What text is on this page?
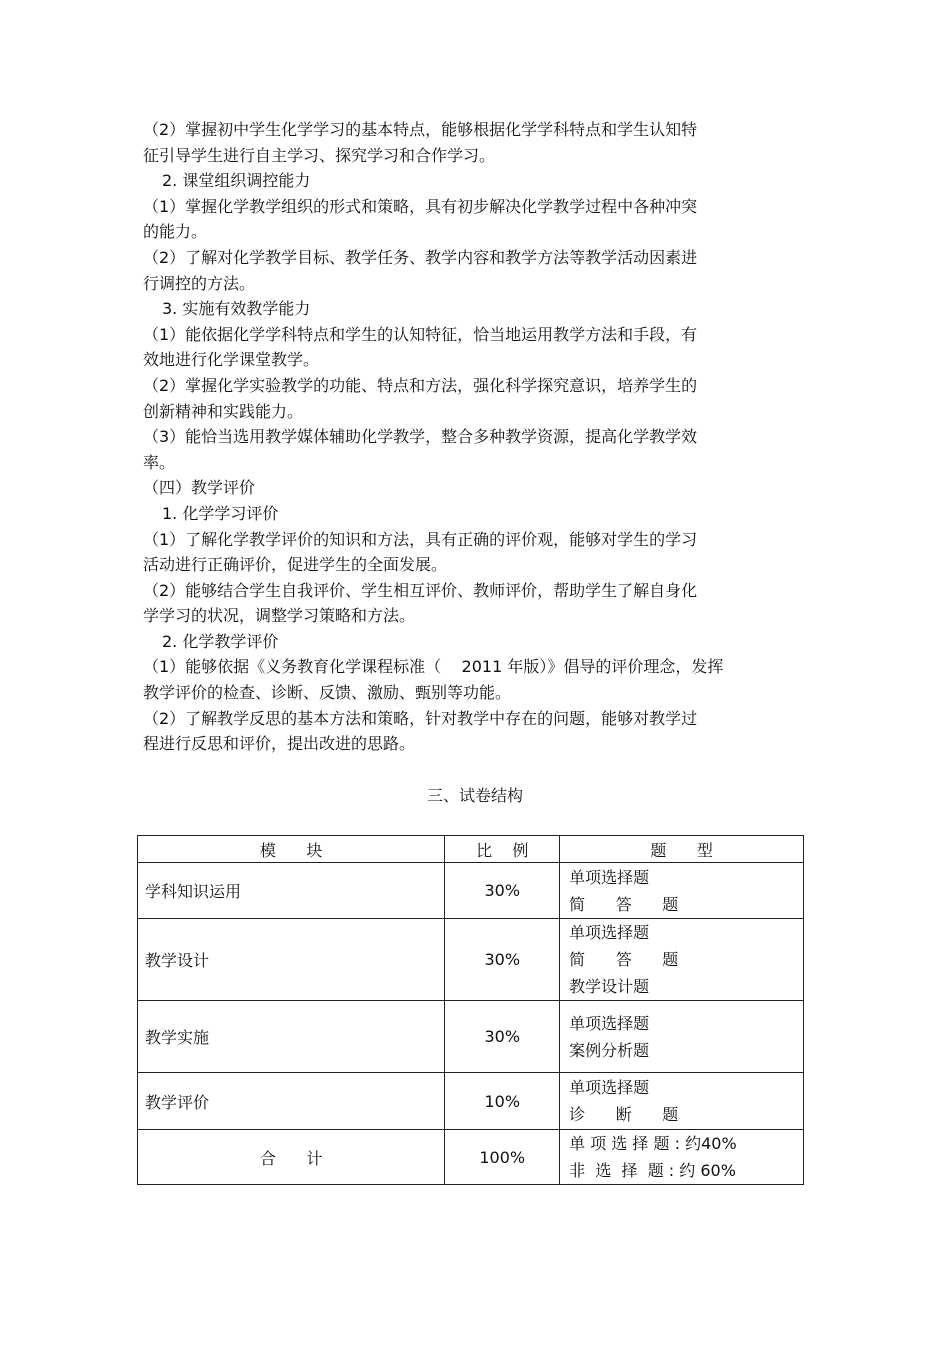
（2）掌握初中学生化学学习的基本特点，能够根据化学学科特点和学生认知特

征引导学生进行自主学习、探究学习和合作学习。

2. 课堂组织调控能力

（1）掌握化学教学组织的形式和策略，具有初步解决化学教学过程中各种冲突

的能力。

（2）了解对化学教学目标、教学任务、教学内容和教学方法等教学活动因素进

行调控的方法。

3. 实施有效教学能力

（1）能依据化学学科特点和学生的认知特征，恰当地运用教学方法和手段，有

效地进行化学课堂教学。

（2）掌握化学实验教学的功能、特点和方法，强化科学探究意识，培养学生的

创新精神和实践能力。

（3）能恰当选用教学媒体辅助化学教学，整合多种教学资源，提高化学教学效

率。

（四）教学评价

1. 化学学习评价

（1）了解化学教学评价的知识和方法，具有正确的评价观，能够对学生的学习

活动进行正确评价，促进学生的全面发展。

（2）能够结合学生自我评价、学生相互评价、教师评价，帮助学生了解自身化

学学习的状况，调整学习策略和方法。

2. 化学教学评价

（1）能够依据《义务教育化学课程标准（    2011 年版）》倡导的评价理念，发挥

教学评价的检查、诊断、反馈、激励、甄别等功能。

（2）了解教学反思的基本方法和策略，针对教学中存在的问题，能够对教学过

程进行反思和评价，提出改进的思路。

三、试卷结构
模      块	比    例	题      型
学科知识运用	30%	单项选择题
简      答      题

教学设计	30%	单项选择题
简      答      题
教学设计题

教学实施	30%	单项选择题
案例分析题

教学评价	10%	单项选择题
诊      断      题

合      计	100%	单 项 选 择 题 : 约40%
非  选  择  题 : 约 60%
